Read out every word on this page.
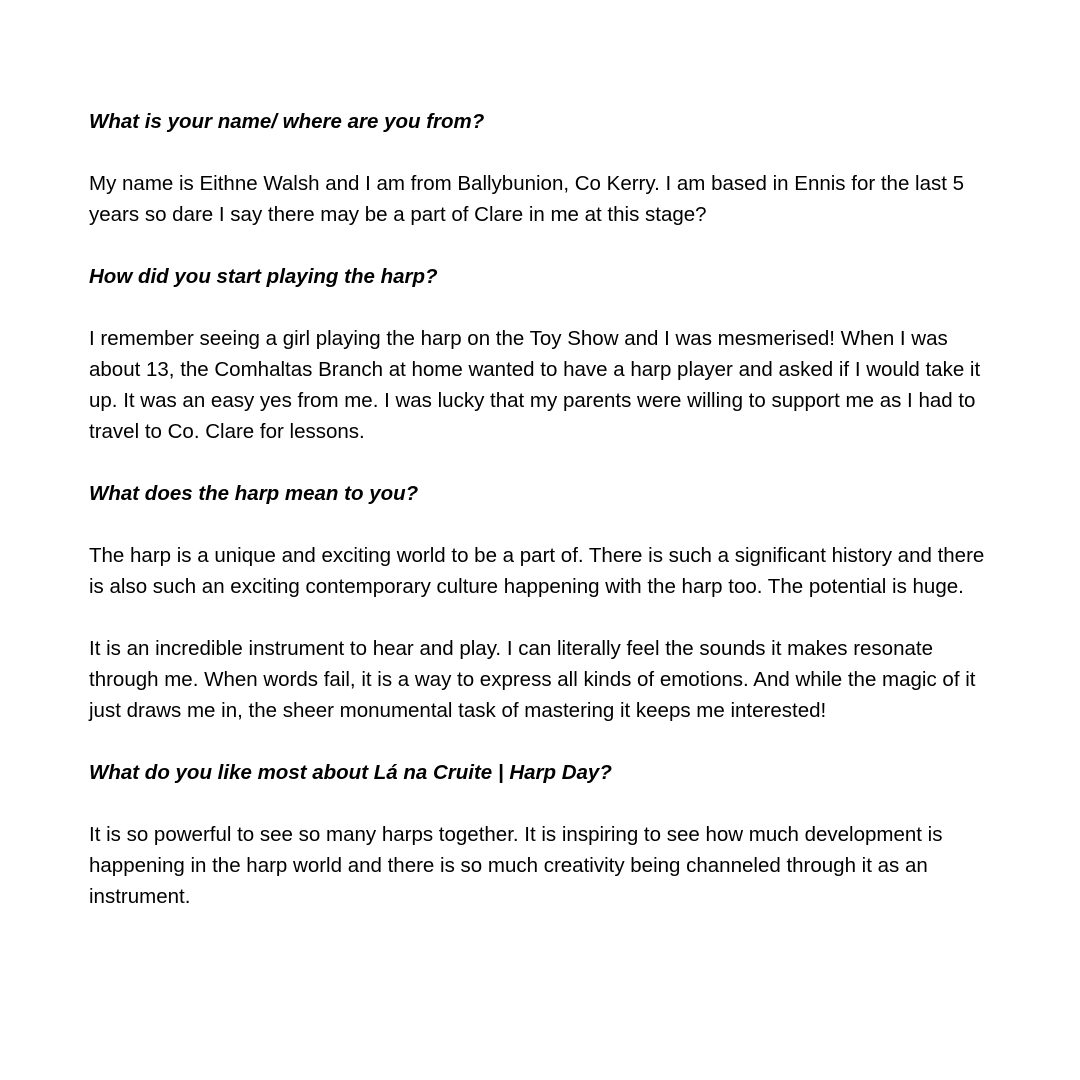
What is your name/ where are you from?

My name is Eithne Walsh and I am from Ballybunion, Co Kerry. I am based in Ennis for the last 5 years so dare I say there may be a part of Clare in me at this stage?

How did you start playing the harp?

I remember seeing a girl playing the harp on the Toy Show and I was mesmerised! When I was about 13, the Comhaltas Branch at home wanted to have a harp player and asked if I would take it up. It was an easy yes from me. I was lucky that my parents were willing to support me as I had to travel to Co. Clare for lessons.

What does the harp mean to you?

The harp is a unique and exciting world to be a part of. There is such a significant history and there is also such an exciting contemporary culture happening with the harp too. The potential is huge.

It is an incredible instrument to hear and play. I can literally feel the sounds it makes resonate through me. When words fail, it is a way to express all kinds of emotions. And while the magic of it just draws me in, the sheer monumental task of mastering it keeps me interested!

What do you like most about Lá na Cruite | Harp Day?

It is so powerful to see so many harps together. It is inspiring to see how much development is happening in the harp world and there is so much creativity being channeled through it as an instrument.
